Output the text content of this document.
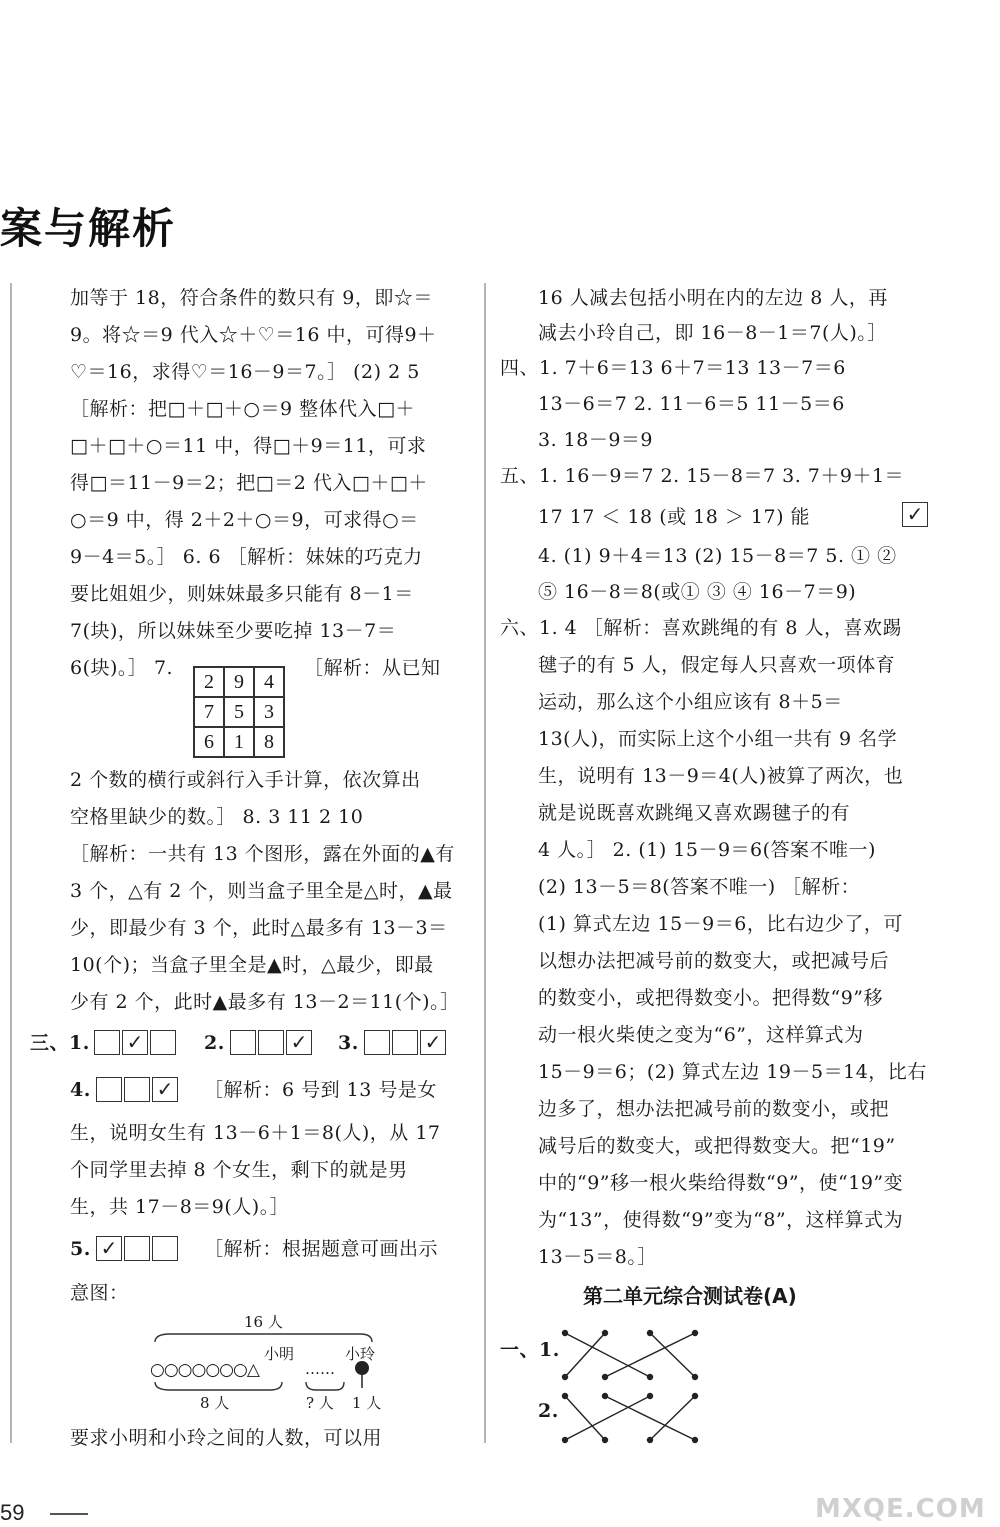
案与解析
加等于 18，符合条件的数只有 9，即☆＝
9。将☆＝9 代入☆＋♡＝16 中，可得9＋
♡＝16，求得♡＝16－9＝7。］ (2) 2 5
［解析：把□＋□＋○＝9 整体代入□＋
□＋□＋○＝11 中，得□＋9＝11，可求
得□＝11－9＝2；把□＝2 代入□＋□＋
○＝9 中，得 2＋2＋○＝9，可求得○＝
9－4＝5。］ 6. 6 ［解析：妹妹的巧克力
要比姐姐少，则妹妹最多只能有 8－1＝
7(块)，所以妹妹至少要吃掉 13－7＝
6(块)。］ 7.
2	9	4
7	5	3
6	1	8
［解析：从已知
2 个数的横行或斜行入手计算，依次算出
空格里缺少的数。］ 8. 3 11 2 10
［解析：一共有 13 个图形，露在外面的▲有
3 个，△有 2 个，则当盒子里全是△时，▲最
少，即最少有 3 个，此时△最多有 13－3＝
10(个)；当盒子里全是▲时，△最少，即最
少有 2 个，此时▲最多有 13－2＝11(个)。］
三、1. ✓	2.	✓ 3.	✓
4.	✓ ［解析：6 号到 13 号是女
生，说明女生有 13－6＋1＝8(人)，从 17
个同学里去掉 8 个女生，剩下的就是男
生，共 17－8＝9(人)。］
5. ✓	［解析：根据题意可画出示
意图：
16 人
小明	小玲
○○○○○○○△	……
8 人	? 人 1 人
要求小明和小玲之间的人数，可以用
16 人减去包括小明在内的左边 8 人，再
减去小玲自己，即 16－8－1＝7(人)。］
四、1. 7＋6＝13 6＋7＝13 13－7＝6
13－6＝7 2. 11－6＝5 11－5＝6
3. 18－9＝9
五、1. 16－9＝7 2. 15－8＝7 3. 7＋9＋1＝
17 17 ＜ 18 (或 18 ＞ 17) 能	✓
4. (1) 9＋4＝13 (2) 15－8＝7 5. ① ②
⑤ 16－8＝8(或① ③ ④ 16－7＝9)
六、1. 4 ［解析：喜欢跳绳的有 8 人，喜欢踢
毽子的有 5 人，假定每人只喜欢一项体育
运动，那么这个小组应该有 8＋5＝
13(人)，而实际上这个小组一共有 9 名学
生，说明有 13－9＝4(人)被算了两次，也
就是说既喜欢跳绳又喜欢踢毽子的有
4 人。］ 2. (1) 15－9＝6(答案不唯一)
(2) 13－5＝8(答案不唯一) ［解析：
(1) 算式左边 15－9＝6，比右边少了，可
以想办法把减号前的数变大，或把减号后
的数变小，或把得数变小。把得数“9”移
动一根火柴使之变为“6”，这样算式为
15－9＝6；(2) 算式左边 19－5＝14，比右
边多了，想办法把减号前的数变小，或把
减号后的数变大，或把得数变大。把“19”
中的“9”移一根火柴给得数“9”，使“19”变
为“13”，使得数“9”变为“8”，这样算式为
13－5＝8。］
第二单元综合测试卷(A)
一、1.
2.
59	MXQE.COM
